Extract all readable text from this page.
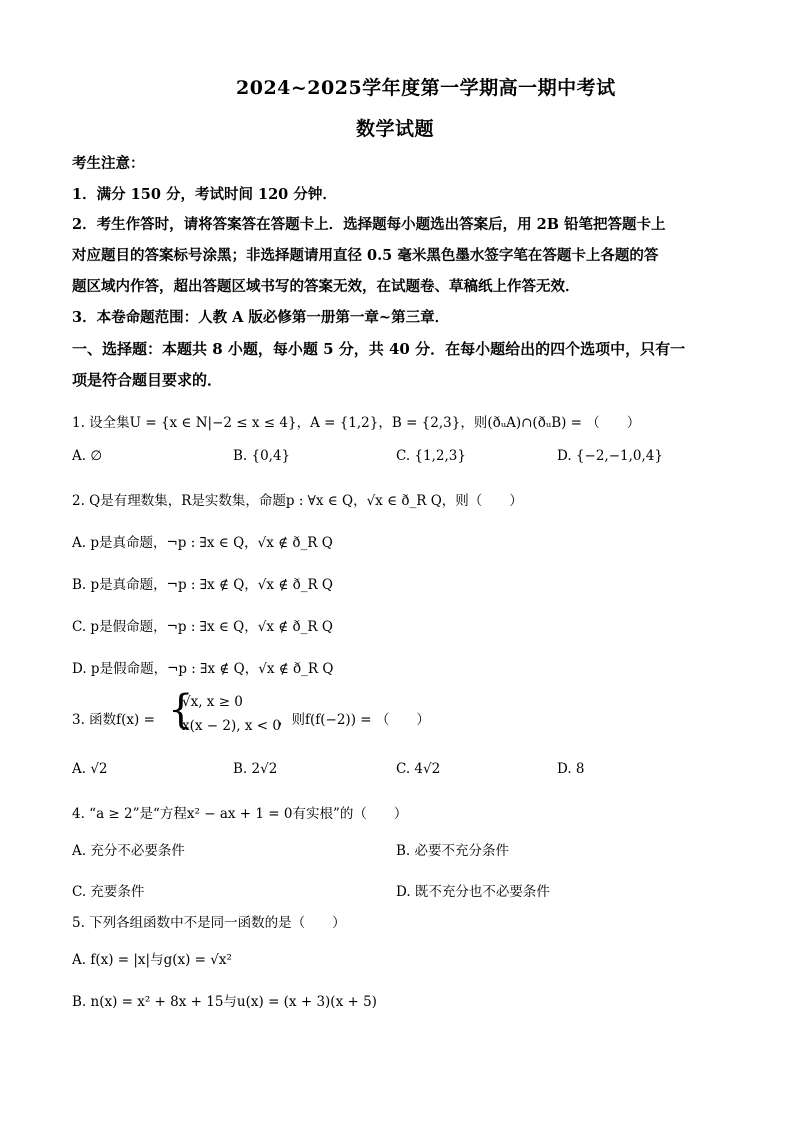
2024~2025学年度第一学期高一期中考试
数学试题
考生注意：
1．满分 150 分，考试时间 120 分钟．
2．考生作答时，请将答案答在答题卡上．选择题每小题选出答案后，用 2B 铅笔把答题卡上
对应题目的答案标号涂黑；非选择题请用直径 0.5 毫米黑色墨水签字笔在答题卡上各题的答
题区域内作答，超出答题区域书写的答案无效，在试题卷、草稿纸上作答无效．
3．本卷命题范围：人教 A 版必修第一册第一章~第三章．
一、选择题：本题共 8 小题，每小题 5 分，共 40 分．在每小题给出的四个选项中，只有一
项是符合题目要求的．
1. 设全集U = {x ∈ N|−2 ≤ x ≤ 4}，A = {1,2}，B = {2,3}，则(ðᵤA)∩(ðᵤB) = （　　）
A. ∅	B. {0,4}	C. {1,2,3}	D. {−2,−1,0,4}
2. Q是有理数集，R是实数集，命题p : ∀x ∈ Q，√x ∈ ð_R Q，则（　　）
A. p是真命题，¬p : ∃x ∈ Q，√x ∉ ð_R Q
B. p是真命题，¬p : ∃x ∉ Q，√x ∉ ð_R Q
C. p是假命题，¬p : ∃x ∈ Q，√x ∉ ð_R Q
D. p是假命题，¬p : ∃x ∉ Q，√x ∉ ð_R Q
3. 函数f(x) = {
√x, x ≥ 0
x(x − 2), x < 0
，则f(f(−2)) = （　　）
A. √2	B. 2√2	C. 4√2	D. 8
4. “a ≥ 2”是“方程x² − ax + 1 = 0有实根”的（　　）
A. 充分不必要条件	B. 必要不充分条件
C. 充要条件	D. 既不充分也不必要条件
5. 下列各组函数中不是同一函数的是（　　）
A. f(x) = |x|与g(x) = √x²
B. n(x) = x² + 8x + 15与u(x) = (x + 3)(x + 5)
